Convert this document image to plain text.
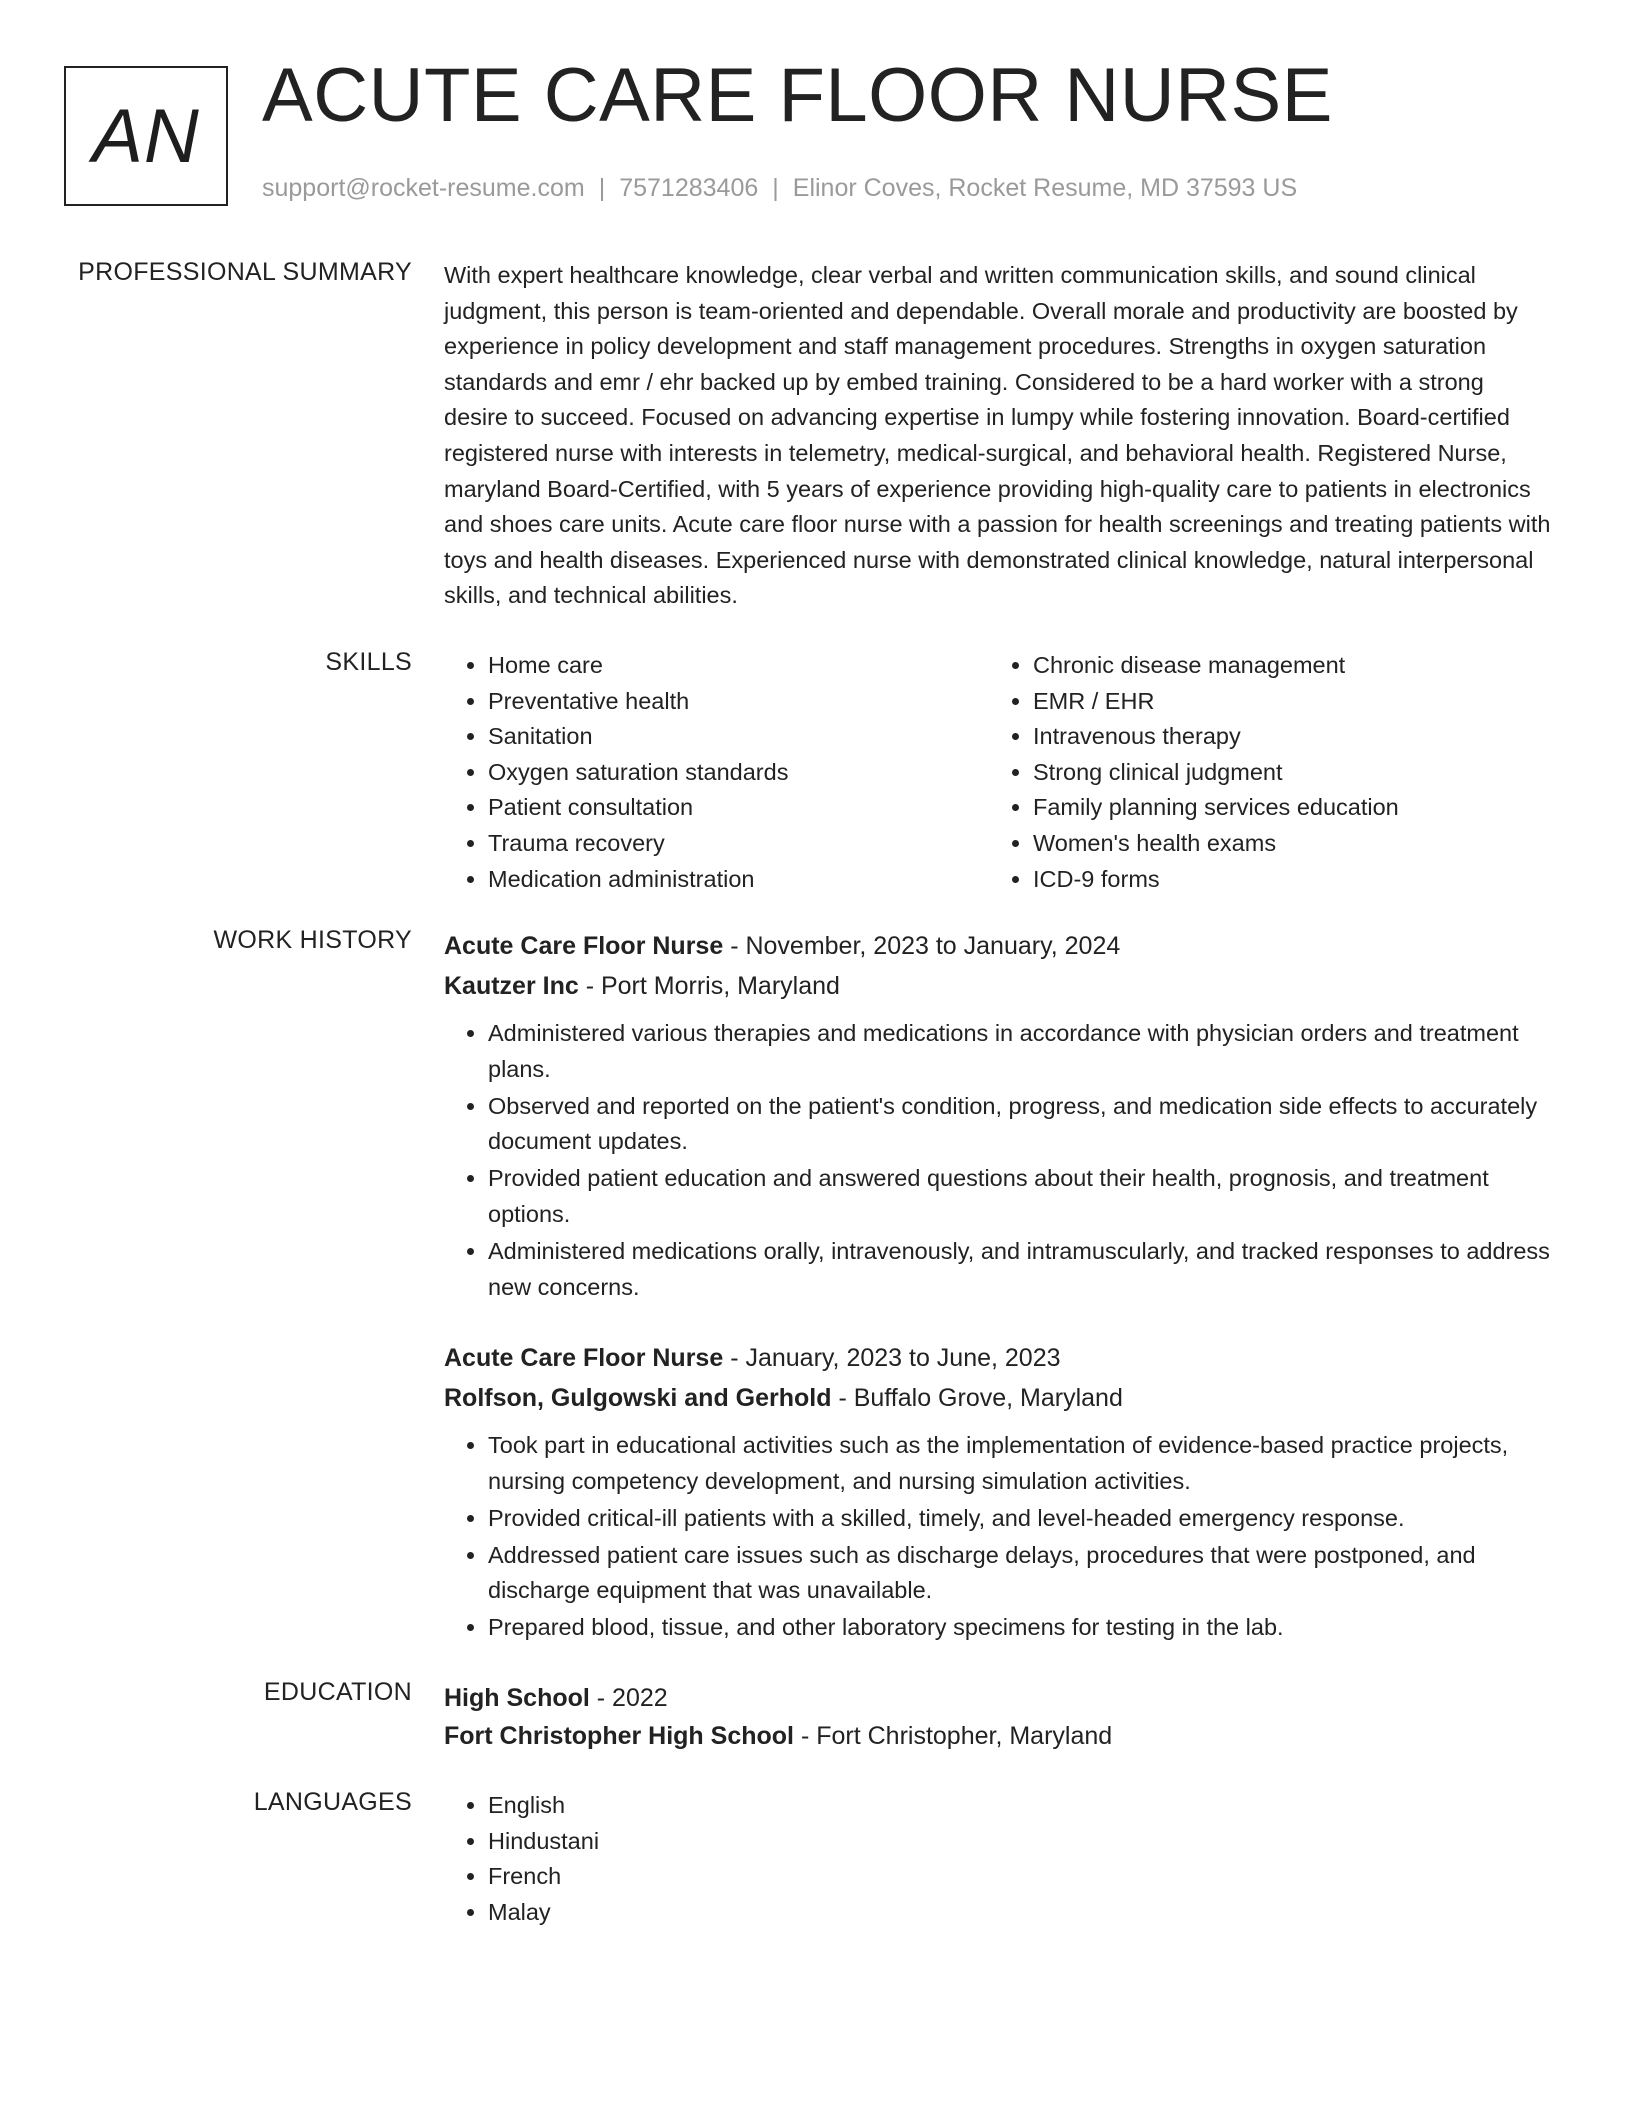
AN ACUTE CARE FLOOR NURSE
support@rocket-resume.com | 7571283406 | Elinor Coves, Rocket Resume, MD 37593 US
PROFESSIONAL SUMMARY With expert healthcare knowledge, clear verbal and written communication skills, and sound clinical judgment, this person is team-oriented and dependable. Overall morale and productivity are boosted by experience in policy development and staff management procedures. Strengths in oxygen saturation standards and emr / ehr backed up by embed training. Considered to be a hard worker with a strong desire to succeed. Focused on advancing expertise in lumpy while fostering innovation. Board-certified registered nurse with interests in telemetry, medical-surgical, and behavioral health. Registered Nurse, maryland Board-Certified, with 5 years of experience providing high-quality care to patients in electronics and shoes care units. Acute care floor nurse with a passion for health screenings and treating patients with toys and health diseases. Experienced nurse with demonstrated clinical knowledge, natural interpersonal skills, and technical abilities.

SKILLS	• Home care
• Preventative health
• Sanitation
• Oxygen saturation standards
• Patient consultation
• Trauma recovery
• Medication administration
• Chronic disease management
• EMR / EHR
• Intravenous therapy
• Strong clinical judgment
• Family planning services education
• Women's health exams
• ICD-9 forms
WORK HISTORY Acute Care Floor Nurse - November, 2023 to January, 2024
Kautzer Inc - Port Morris, Maryland
• Administered various therapies and medications in accordance with physician orders and treatment plans.
• Observed and reported on the patient's condition, progress, and medication side effects to accurately document updates.
• Provided patient education and answered questions about their health, prognosis, and treatment options.
• Administered medications orally, intravenously, and intramuscularly, and tracked responses to address new concerns.
Acute Care Floor Nurse - January, 2023 to June, 2023
Rolfson, Gulgowski and Gerhold - Buffalo Grove, Maryland
• Took part in educational activities such as the implementation of evidence-based practice projects, nursing competency development, and nursing simulation activities.
• Provided critical-ill patients with a skilled, timely, and level-headed emergency response.
• Addressed patient care issues such as discharge delays, procedures that were postponed, and discharge equipment that was unavailable.
• Prepared blood, tissue, and other laboratory specimens for testing in the lab.
EDUCATION High School - 2022
Fort Christopher High School - Fort Christopher, Maryland
LANGUAGES	• English
• Hindustani
• French
• Malay
